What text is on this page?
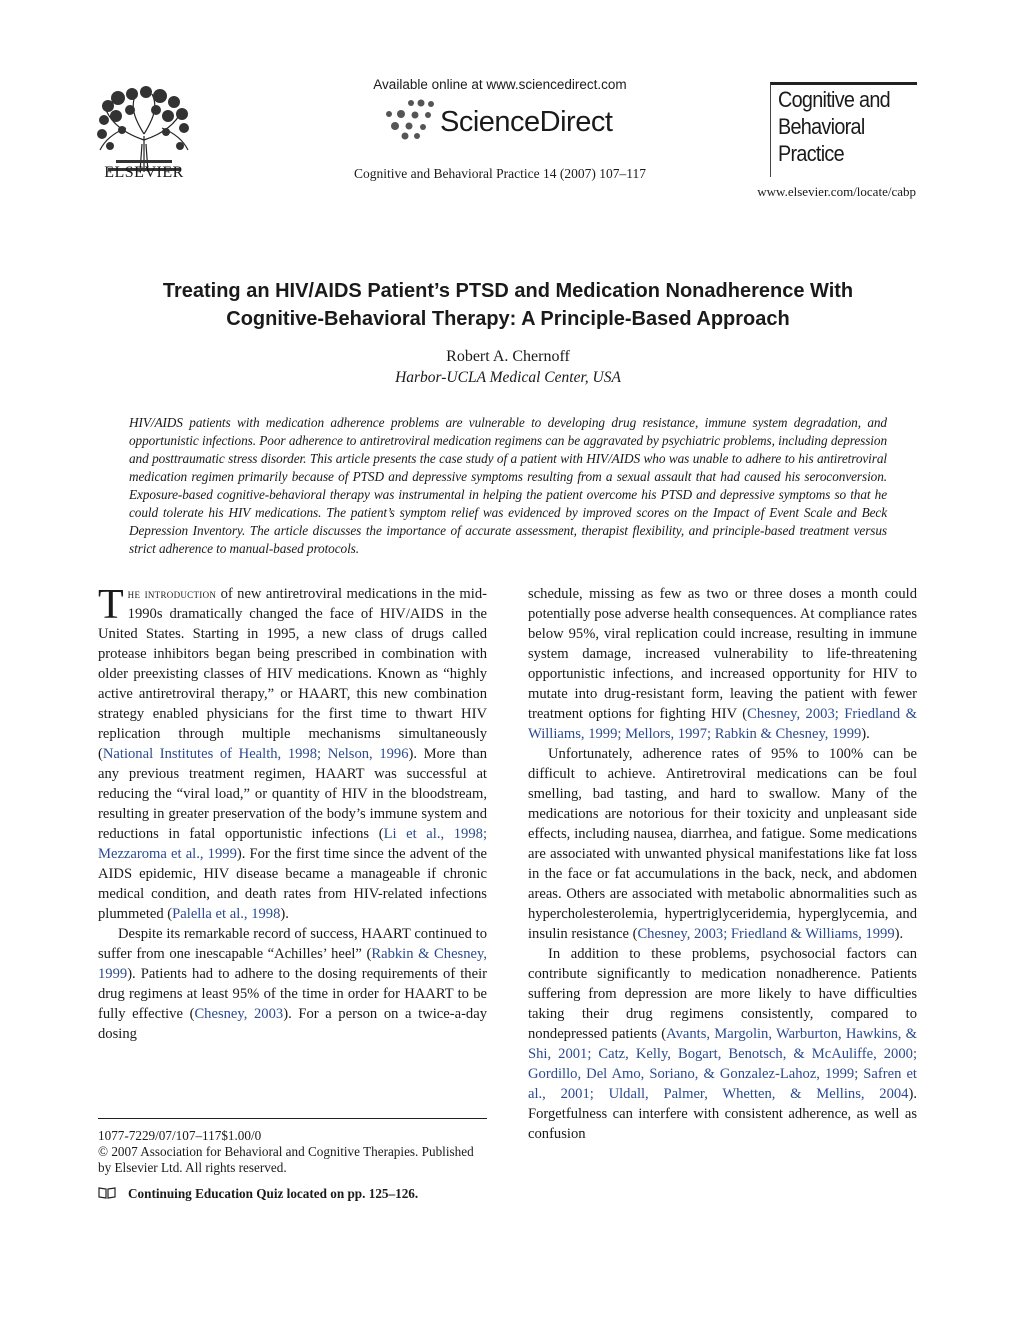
ELSEVIER
Available online at www.sciencedirect.com
ScienceDirect
Cognitive and Behavioral Practice 14 (2007) 107–117
Cognitive and
Behavioral
Practice
www.elsevier.com/locate/cabp
Treating an HIV/AIDS Patient’s PTSD and Medication Nonadherence With
Cognitive-Behavioral Therapy: A Principle-Based Approach
Robert A. Chernoff
Harbor-UCLA Medical Center, USA
HIV/AIDS patients with medication adherence problems are vulnerable to developing drug resistance, immune system degradation, and opportunistic infections. Poor adherence to antiretroviral medication regimens can be aggravated by psychiatric problems, including depression and posttraumatic stress disorder. This article presents the case study of a patient with HIV/AIDS who was unable to adhere to his antiretroviral medication regimen primarily because of PTSD and depressive symptoms resulting from a sexual assault that had caused his seroconversion. Exposure-based cognitive-behavioral therapy was instrumental in helping the patient overcome his PTSD and depressive symptoms so that he could tolerate his HIV medications. The patient’s symptom relief was evidenced by improved scores on the Impact of Event Scale and Beck Depression Inventory. The article discusses the importance of accurate assessment, therapist flexibility, and principle-based treatment versus strict adherence to manual-based protocols.

The introduction of new antiretroviral medications in the mid-1990s dramatically changed the face of HIV/AIDS in the United States. Starting in 1995, a new class of drugs called protease inhibitors began being prescribed in combination with older preexisting classes of HIV medications. Known as “highly active antiretroviral therapy,” or HAART, this new combination strategy enabled physicians for the first time to thwart HIV replication through multiple mechanisms simultaneously (National Institutes of Health, 1998; Nelson, 1996). More than any previous treatment regimen, HAART was successful at reducing the “viral load,” or quantity of HIV in the bloodstream, resulting in greater preservation of the body’s immune system and reductions in fatal opportunistic infections (Li et al., 1998; Mezzaroma et al., 1999). For the first time since the advent of the AIDS epidemic, HIV disease became a manageable if chronic medical condition, and death rates from HIV-related infections plummeted (Palella et al., 1998).

Despite its remarkable record of success, HAART continued to suffer from one inescapable “Achilles’ heel” (Rabkin & Chesney, 1999). Patients had to adhere to the dosing requirements of their drug regimens at least 95% of the time in order for HAART to be fully effective (Chesney, 2003). For a person on a twice-a-day dosing

schedule, missing as few as two or three doses a month could potentially pose adverse health consequences. At compliance rates below 95%, viral replication could increase, resulting in immune system damage, increased vulnerability to life-threatening opportunistic infections, and increased opportunity for HIV to mutate into drug-resistant form, leaving the patient with fewer treatment options for fighting HIV (Chesney, 2003; Friedland & Williams, 1999; Mellors, 1997; Rabkin & Chesney, 1999).

Unfortunately, adherence rates of 95% to 100% can be difficult to achieve. Antiretroviral medications can be foul smelling, bad tasting, and hard to swallow. Many of the medications are notorious for their toxicity and unpleasant side effects, including nausea, diarrhea, and fatigue. Some medications are associated with unwanted physical manifestations like fat loss in the face or fat accumulations in the back, neck, and abdomen areas. Others are associated with metabolic abnormalities such as hypercholesterolemia, hypertriglyceridemia, hyperglycemia, and insulin resistance (Chesney, 2003; Friedland & Williams, 1999).

In addition to these problems, psychosocial factors can contribute significantly to medication nonadherence. Patients suffering from depression are more likely to have difficulties taking their drug regimens consistently, compared to nondepressed patients (Avants, Margolin, Warburton, Hawkins, & Shi, 2001; Catz, Kelly, Bogart, Benotsch, & McAuliffe, 2000; Gordillo, Del Amo, Soriano, & Gonzalez-Lahoz, 1999; Safren et al., 2001; Uldall, Palmer, Whetten, & Mellins, 2004). Forgetfulness can interfere with consistent adherence, as well as confusion

1077-7229/07/107–117$1.00/0
© 2007 Association for Behavioral and Cognitive Therapies. Published by Elsevier Ltd. All rights reserved.
Continuing Education Quiz located on pp. 125–126.
